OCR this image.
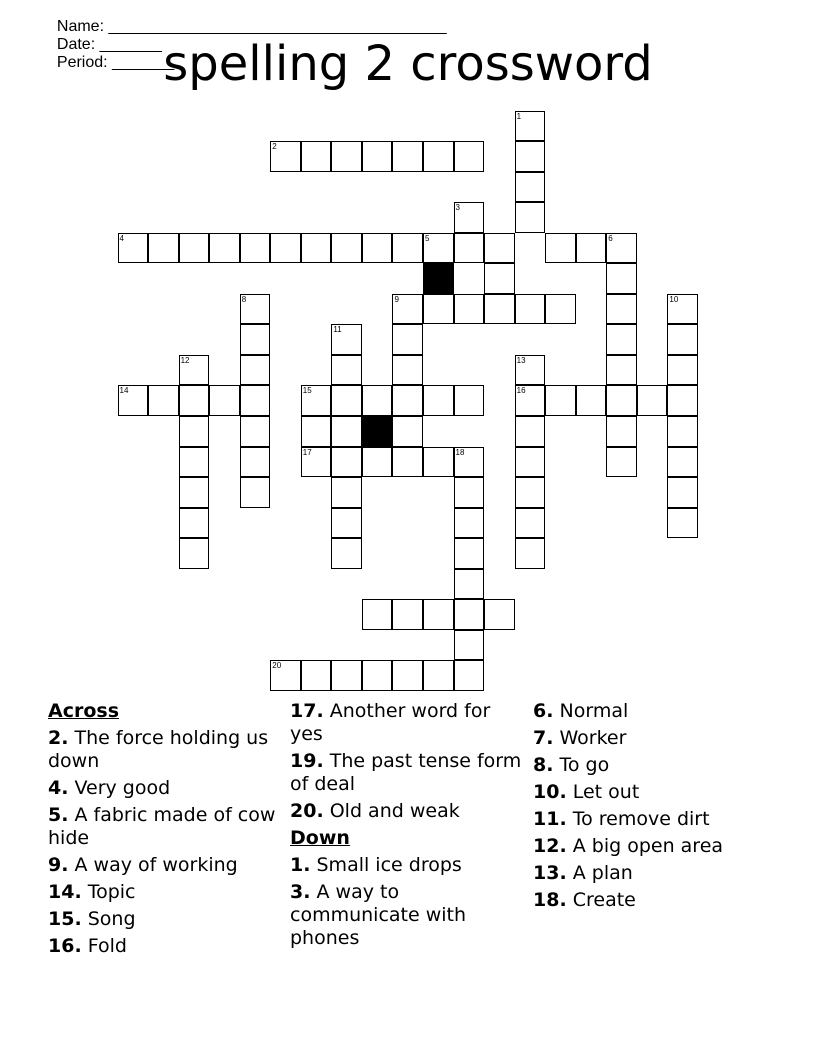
Name: ______________________________________
Date: _______
Period: _______

spelling 2 crossword
1
2
3
4	5	6
9	10
8
11
12	13
16
14	15
17	18
20
Across
2. The force holding us down
4. Very good
5. A fabric made of cow hide
9. A way of working
14. Topic
15. Song
16. Fold
17. Another word for yes
19. The past tense form of deal
20. Old and weak
Down
1. Small ice drops
3. A way to communicate with phones
6. Normal
7. Worker
8. To go
10. Let out
11. To remove dirt
12. A big open area
13. A plan
18. Create
